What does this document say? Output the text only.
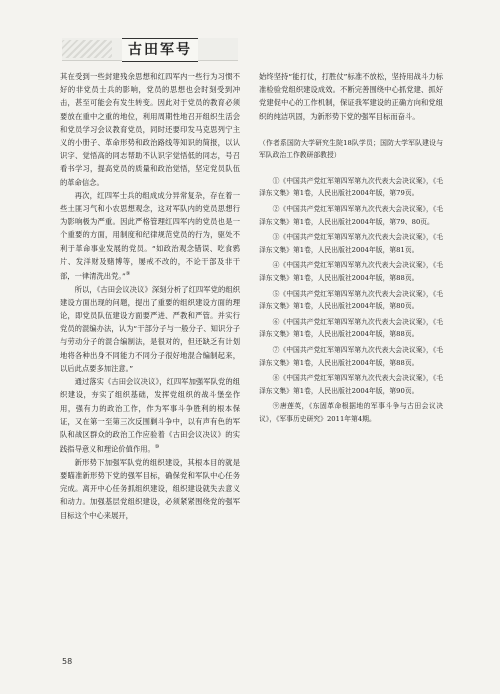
古田军号

其在受到一些封建残余思想和红四军内一些行为习惯不好的非党员士兵的影响，党员的思想也会时刻受到冲击，甚至可能会有发生转变。因此对于党员的教育必须要放在重中之重的地位，利用周期性地召开组织生活会和党员学习会议教育党员，同时还要印发马克思列宁主义的小册子、革命形势和政治路线等知识的简报，以认识字、觉悟高的同志帮助不认识字觉悟低的同志，号召看书学习，提高党员的质量和政治觉悟，坚定党员队伍的革命信念。

再次，红四军士兵的组成成分异常复杂，存在着一些土匪习气和小农思想观念，这对军队内的党员思想行为影响极为严重。因此严格管理红四军内的党员也是一个重要的方面，用制度和纪律规范党员的行为，驱处不利于革命事业发展的党员。“如政治观念错误、吃食鸦片、发洋财及赌博等，屡戒不改的，不论干部及非干部，一律清洗出党。”⑨

所以，《古田会议决议》深刻分析了红四军党的组织建设方面出现的问题，提出了重要的组织建设方面的理论，即党员队伍建设方面要严进、严教和严管。并实行党员的混编办法，认为“干部分子与一般分子、知识分子与劳动分子的混合编制法，是很对的，但还缺乏有计划地将各种出身不同能力不同分子很好地混合编制起来，以后此点要多加注意。”

通过落实《古田会议决议》，红四军加强军队党的组织建设，夯实了组织基础，发挥党组织的战斗堡垒作用，强有力的政治工作，作为军事斗争胜利的根本保证，又在第一至第三次反围剿斗争中，以有声有色的军队和战区群众的政治工作应验着《古田会议决议》的实践指导意义和理论价值作用。⑩

新形势下加强军队党的组织建设，其根本目的就是要瞄准新形势下党的强军目标，确保党和军队中心任务完成。离开中心任务抓组织建设，组织建设就失去意义和动力。加强基层党组织建设，必须紧紧围绕党的强军目标这个中心来展开，

始终坚持“能打仗，打胜仗”标准不放松，坚持用战斗力标准检验党组织建设成效。不断完善围绕中心抓党建、抓好党建促中心的工作机制，保证我军建设的正确方向和党组织的纯洁巩固，为新形势下党的强军目标而奋斗。

（作者系国防大学研究生院18队学员；国防大学军队建设与军队政治工作教研部教授）

①《中国共产党红军第四军第九次代表大会决议案》，《毛泽东文集》第1卷，人民出版社2004年版，第79页。

②《中国共产党红军第四军第九次代表大会决议案》，《毛泽东文集》第1卷，人民出版社2004年版，第79、80页。

③《中国共产党红军第四军第九次代表大会决议案》，《毛泽东文集》第1卷，人民出版社2004年版，第81页。

④《中国共产党红军第四军第九次代表大会决议案》，《毛泽东文集》第1卷，人民出版社2004年版，第88页。

⑤《中国共产党红军第四军第九次代表大会决议案》，《毛泽东文集》第1卷，人民出版社2004年版，第80页。

⑥《中国共产党红军第四军第九次代表大会决议案》，《毛泽东文集》第1卷，人民出版社2004年版，第88页。

⑦《中国共产党红军第四军第九次代表大会决议案》，《毛泽东文集》第1卷，人民出版社2004年版，第88页。

⑧《中国共产党红军第四军第九次代表大会决议案》，《毛泽东文集》第1卷，人民出版社2004年版，第90页。

⑨唐莲英，《东固革命根据地的军事斗争与古田会议决议》，《军事历史研究》2011年第4期。

58
